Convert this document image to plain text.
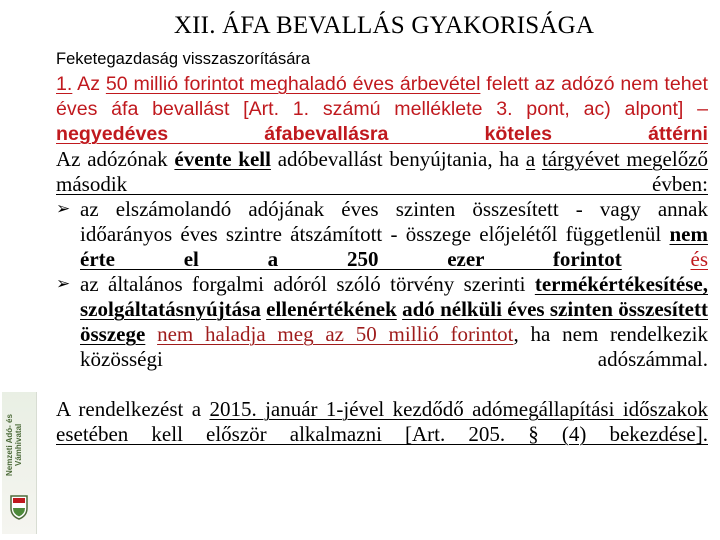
Nemzeti Adó- és Vámhivatal
XII. ÁFA BEVALLÁS GYAKORISÁGA
Feketegazdaság visszaszorítására

1. Az 50 millió forintot meghaladó éves árbevétel felett az adózó nem tehet éves áfa bevallást [Art. 1. számú melléklete 3. pont, ac) alpont] – negyedéves áfabevallásra köteles áttérni

Az adózónak évente kell adóbevallást benyújtania, ha a tárgyévet megelőző második évben:

➢ az elszámolandó adójának éves szinten összesített - vagy annak időarányos éves szintre átszámított - összege előjelétől függetlenül nem érte el a 250 ezer forintot	és
➢ az általános forgalmi adóról szóló törvény szerinti termékértékesítése, szolgáltatásnyújtása ellenértékének adó nélküli éves szinten összesített összege nem haladja meg az 50 millió forintot, ha nem rendelkezik közösségi adószámmal.

A rendelkezést a 2015. január 1-jével kezdődő adómegállapítási időszakok esetében kell először alkalmazni [Art. 205. § (4) bekezdése].
